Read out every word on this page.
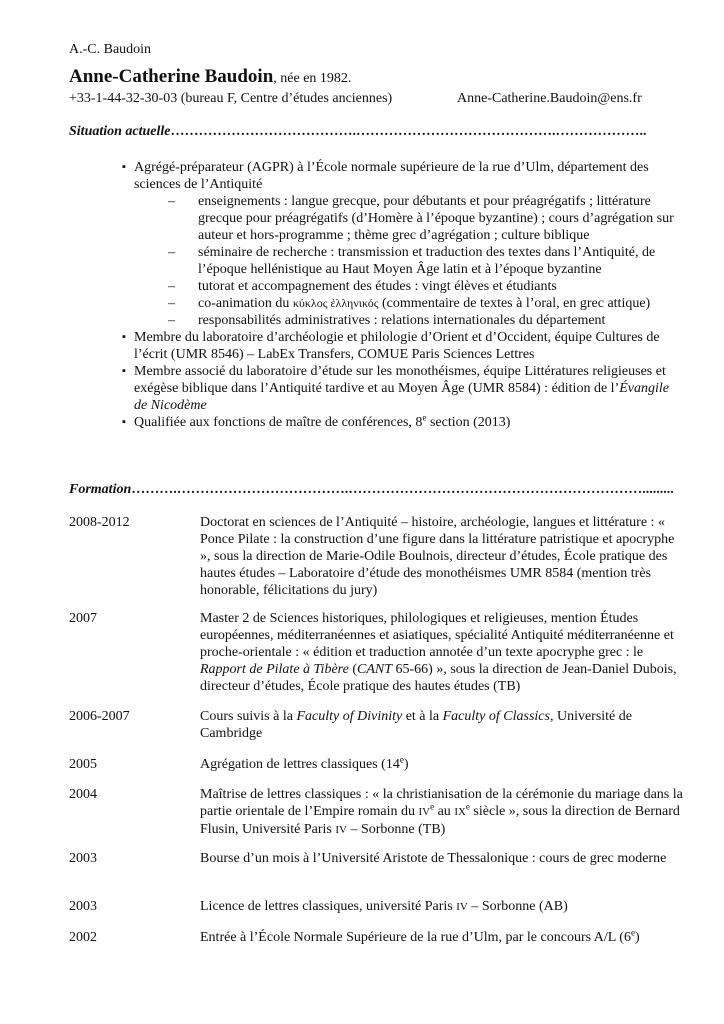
A.-C. Baudoin
Anne-Catherine Baudoin, née en 1982.
+33-1-44-32-30-03 (bureau F, Centre d’études anciennes)	Anne-Catherine.Baudoin@ens.fr
Situation actuelle………………………………….…………………………………….………………..
▪ Agrégé-préparateur (AGPR) à l’École normale supérieure de la rue d’Ulm, département des sciences de l’Antiquité
– enseignements : langue grecque, pour débutants et pour préagrégatifs ; littérature grecque pour préagrégatifs (d’Homère à l’époque byzantine) ; cours d’agrégation sur auteur et hors-programme ; thème grec d’agrégation ; culture biblique
– séminaire de recherche : transmission et traduction des textes dans l’Antiquité, de l’époque hellénistique au Haut Moyen Âge latin et à l’époque byzantine
– tutorat et accompagnement des études : vingt élèves et étudiants
– co-animation du κύκλος ἑλληνικός (commentaire de textes à l’oral, en grec attique)
– responsabilités administratives : relations internationales du département
▪ Membre du laboratoire d’archéologie et philologie d’Orient et d’Occident, équipe Cultures de l’écrit (UMR 8546) – LabEx Transfers, COMUE Paris Sciences Lettres
▪ Membre associé du laboratoire d’étude sur les monothéismes, équipe Littératures religieuses et exégèse biblique dans l’Antiquité tardive et au Moyen Âge (UMR 8584) : édition de l’Évangile de Nicodème
▪ Qualifiée aux fonctions de maître de conférences, 8e section (2013)
Formation……….……………………………….……………………………………………………….........
2008-2012	Doctorat en sciences de l’Antiquité – histoire, archéologie, langues et littérature : « Ponce Pilate : la construction d’une figure dans la littérature patristique et apocryphe », sous la direction de Marie-Odile Boulnois, directeur d’études, École pratique des hautes études – Laboratoire d’étude des monothéismes UMR 8584 (mention très honorable, félicitations du jury)
2007	Master 2 de Sciences historiques, philologiques et religieuses, mention Études européennes, méditerranéennes et asiatiques, spécialité Antiquité méditerranéenne et proche-orientale : « édition et traduction annotée d’un texte apocryphe grec : le Rapport de Pilate à Tibère (CANT 65-66) », sous la direction de Jean-Daniel Dubois, directeur d’études, École pratique des hautes études (TB)
2006-2007	Cours suivis à la Faculty of Divinity et à la Faculty of Classics, Université de Cambridge
2005	Agrégation de lettres classiques (14e)
2004	Maîtrise de lettres classiques : « la christianisation de la cérémonie du mariage dans la partie orientale de l’Empire romain du IVe au IXe siècle », sous la direction de Bernard Flusin, Université Paris IV – Sorbonne (TB)
2003	Bourse d’un mois à l’Université Aristote de Thessalonique : cours de grec moderne
2003	Licence de lettres classiques, université Paris IV – Sorbonne (AB)
2002	Entrée à l’École Normale Supérieure de la rue d’Ulm, par le concours A/L (6e)
